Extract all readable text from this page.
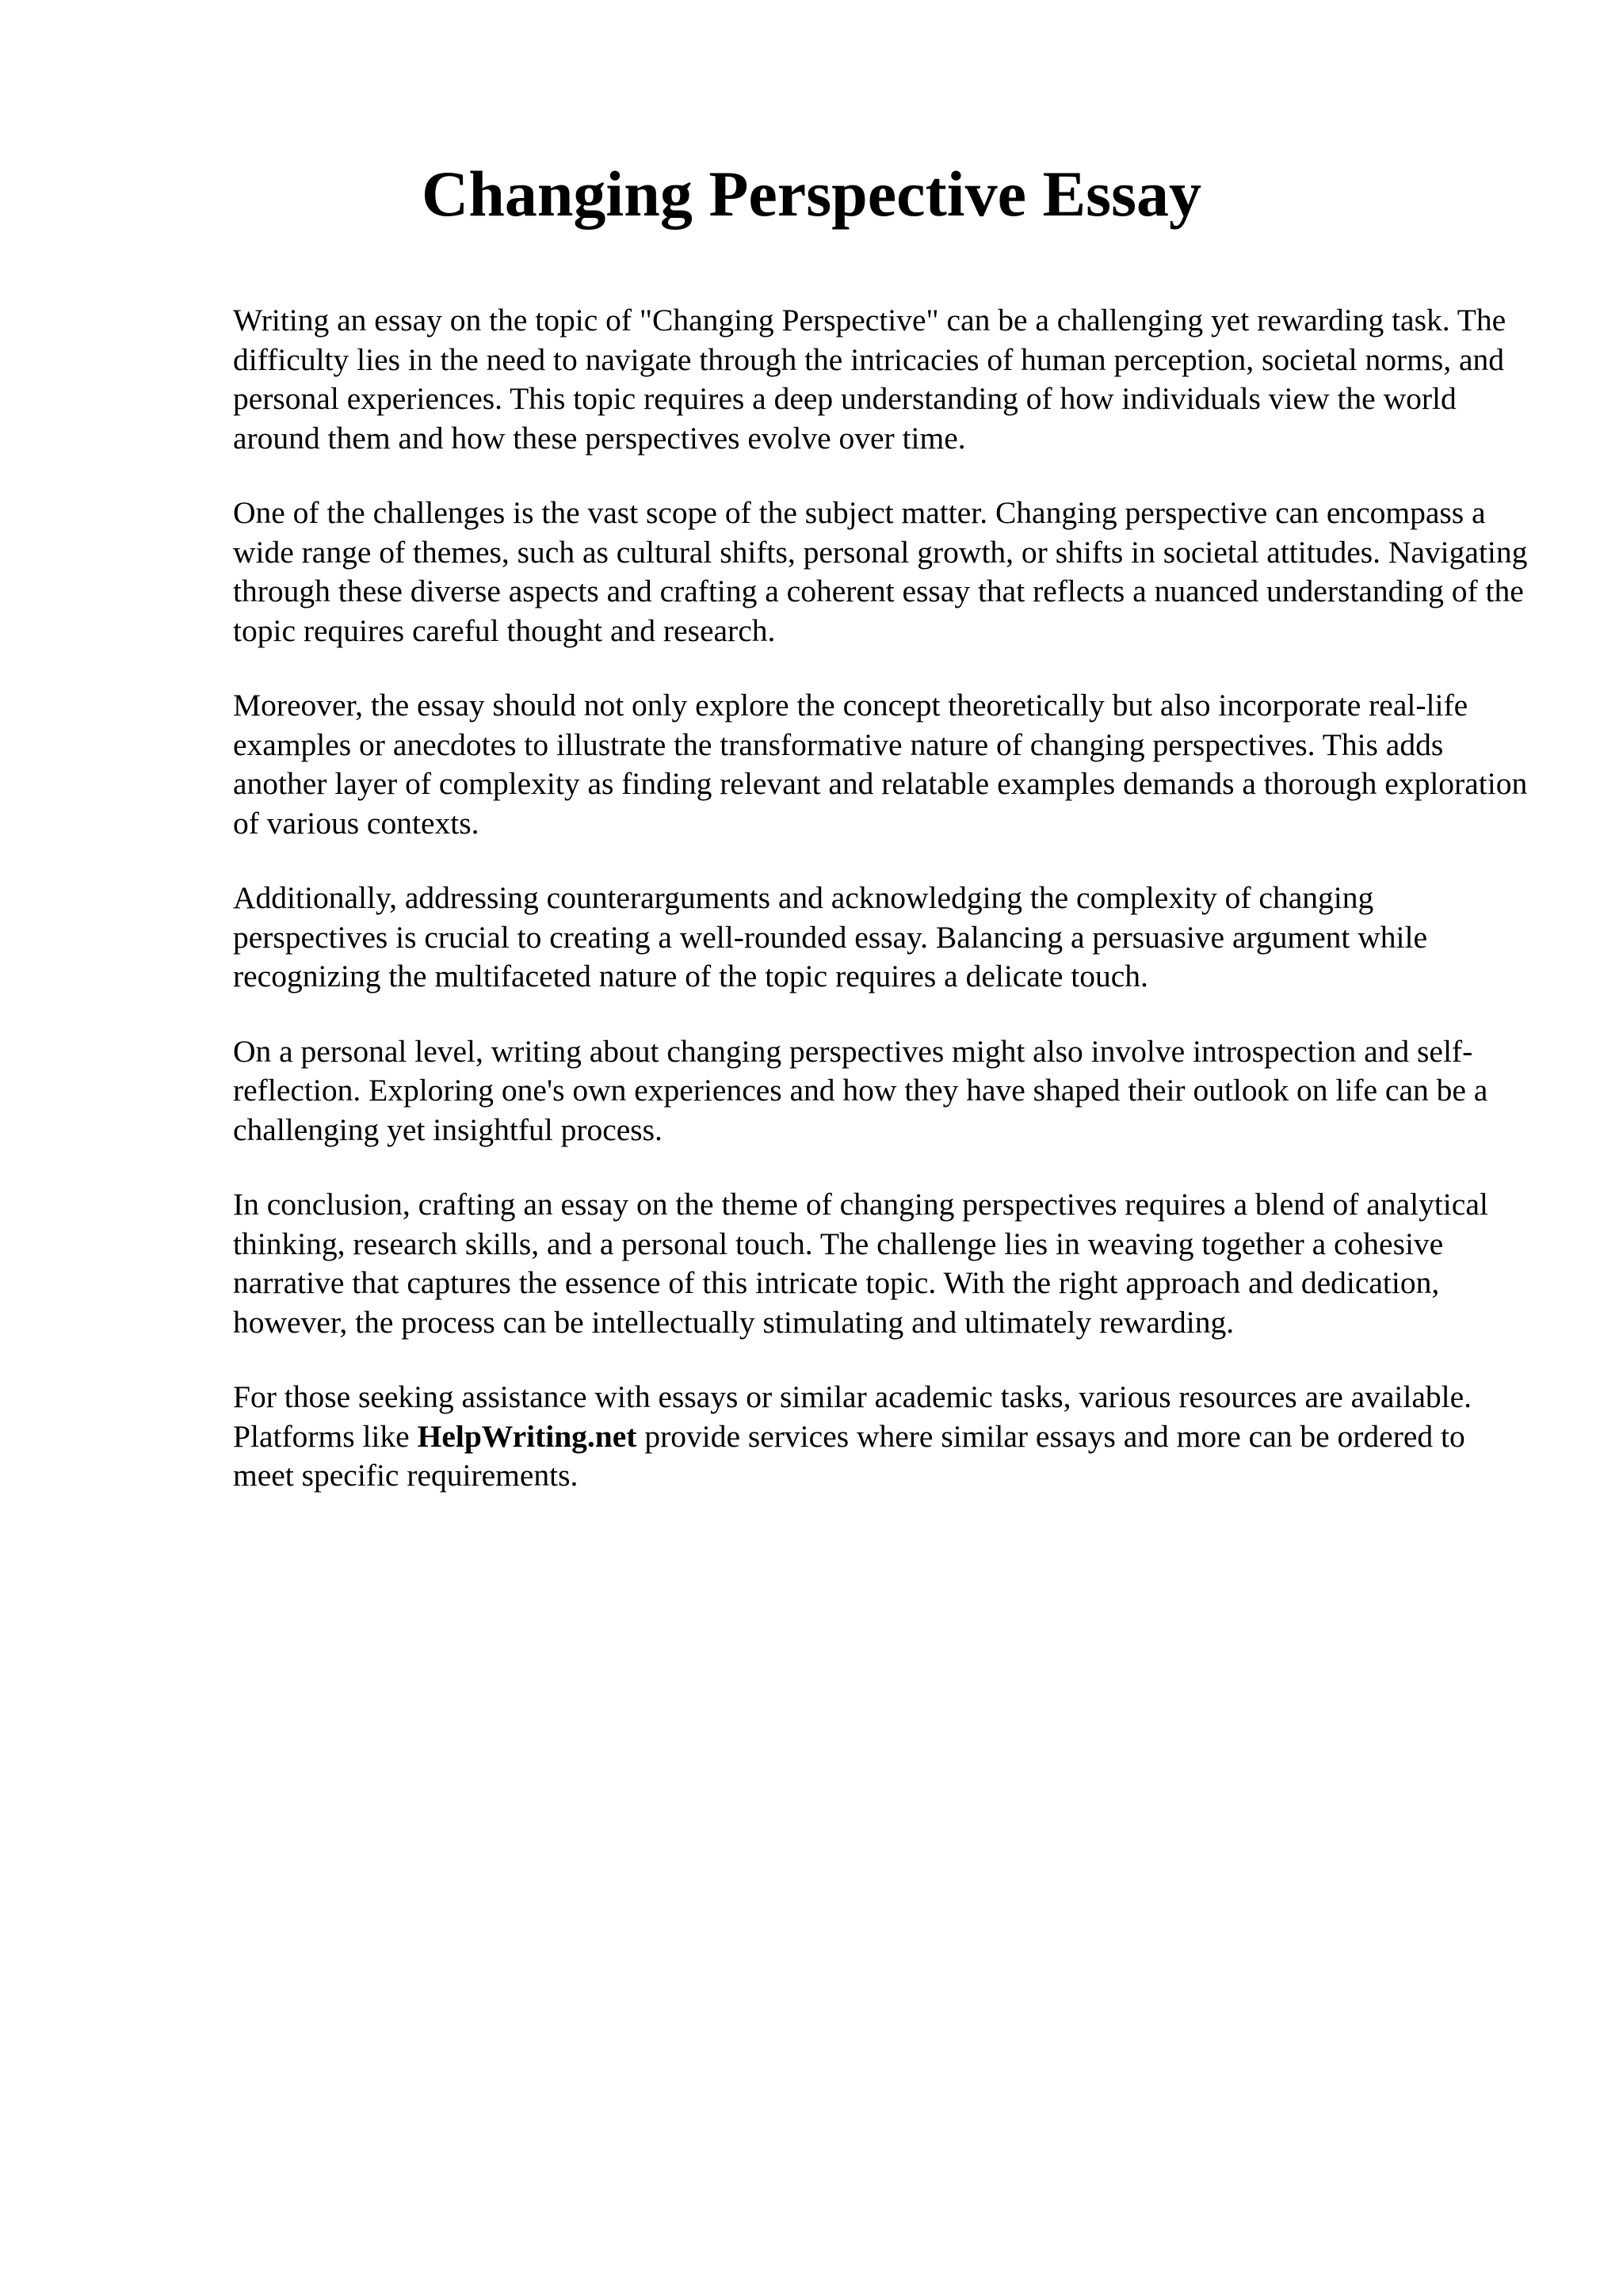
Changing Perspective Essay

Writing an essay on the topic of "Changing Perspective" can be a challenging yet rewarding task. The difficulty lies in the need to navigate through the intricacies of human perception, societal norms, and personal experiences. This topic requires a deep understanding of how individuals view the world around them and how these perspectives evolve over time.

One of the challenges is the vast scope of the subject matter. Changing perspective can encompass a wide range of themes, such as cultural shifts, personal growth, or shifts in societal attitudes. Navigating through these diverse aspects and crafting a coherent essay that reflects a nuanced understanding of the topic requires careful thought and research.

Moreover, the essay should not only explore the concept theoretically but also incorporate real-life examples or anecdotes to illustrate the transformative nature of changing perspectives. This adds another layer of complexity as finding relevant and relatable examples demands a thorough exploration of various contexts.

Additionally, addressing counterarguments and acknowledging the complexity of changing perspectives is crucial to creating a well-rounded essay. Balancing a persuasive argument while recognizing the multifaceted nature of the topic requires a delicate touch.

On a personal level, writing about changing perspectives might also involve introspection and self-reflection. Exploring one's own experiences and how they have shaped their outlook on life can be a challenging yet insightful process.

In conclusion, crafting an essay on the theme of changing perspectives requires a blend of analytical thinking, research skills, and a personal touch. The challenge lies in weaving together a cohesive narrative that captures the essence of this intricate topic. With the right approach and dedication, however, the process can be intellectually stimulating and ultimately rewarding.

For those seeking assistance with essays or similar academic tasks, various resources are available. Platforms like HelpWriting.net provide services where similar essays and more can be ordered to meet specific requirements.
